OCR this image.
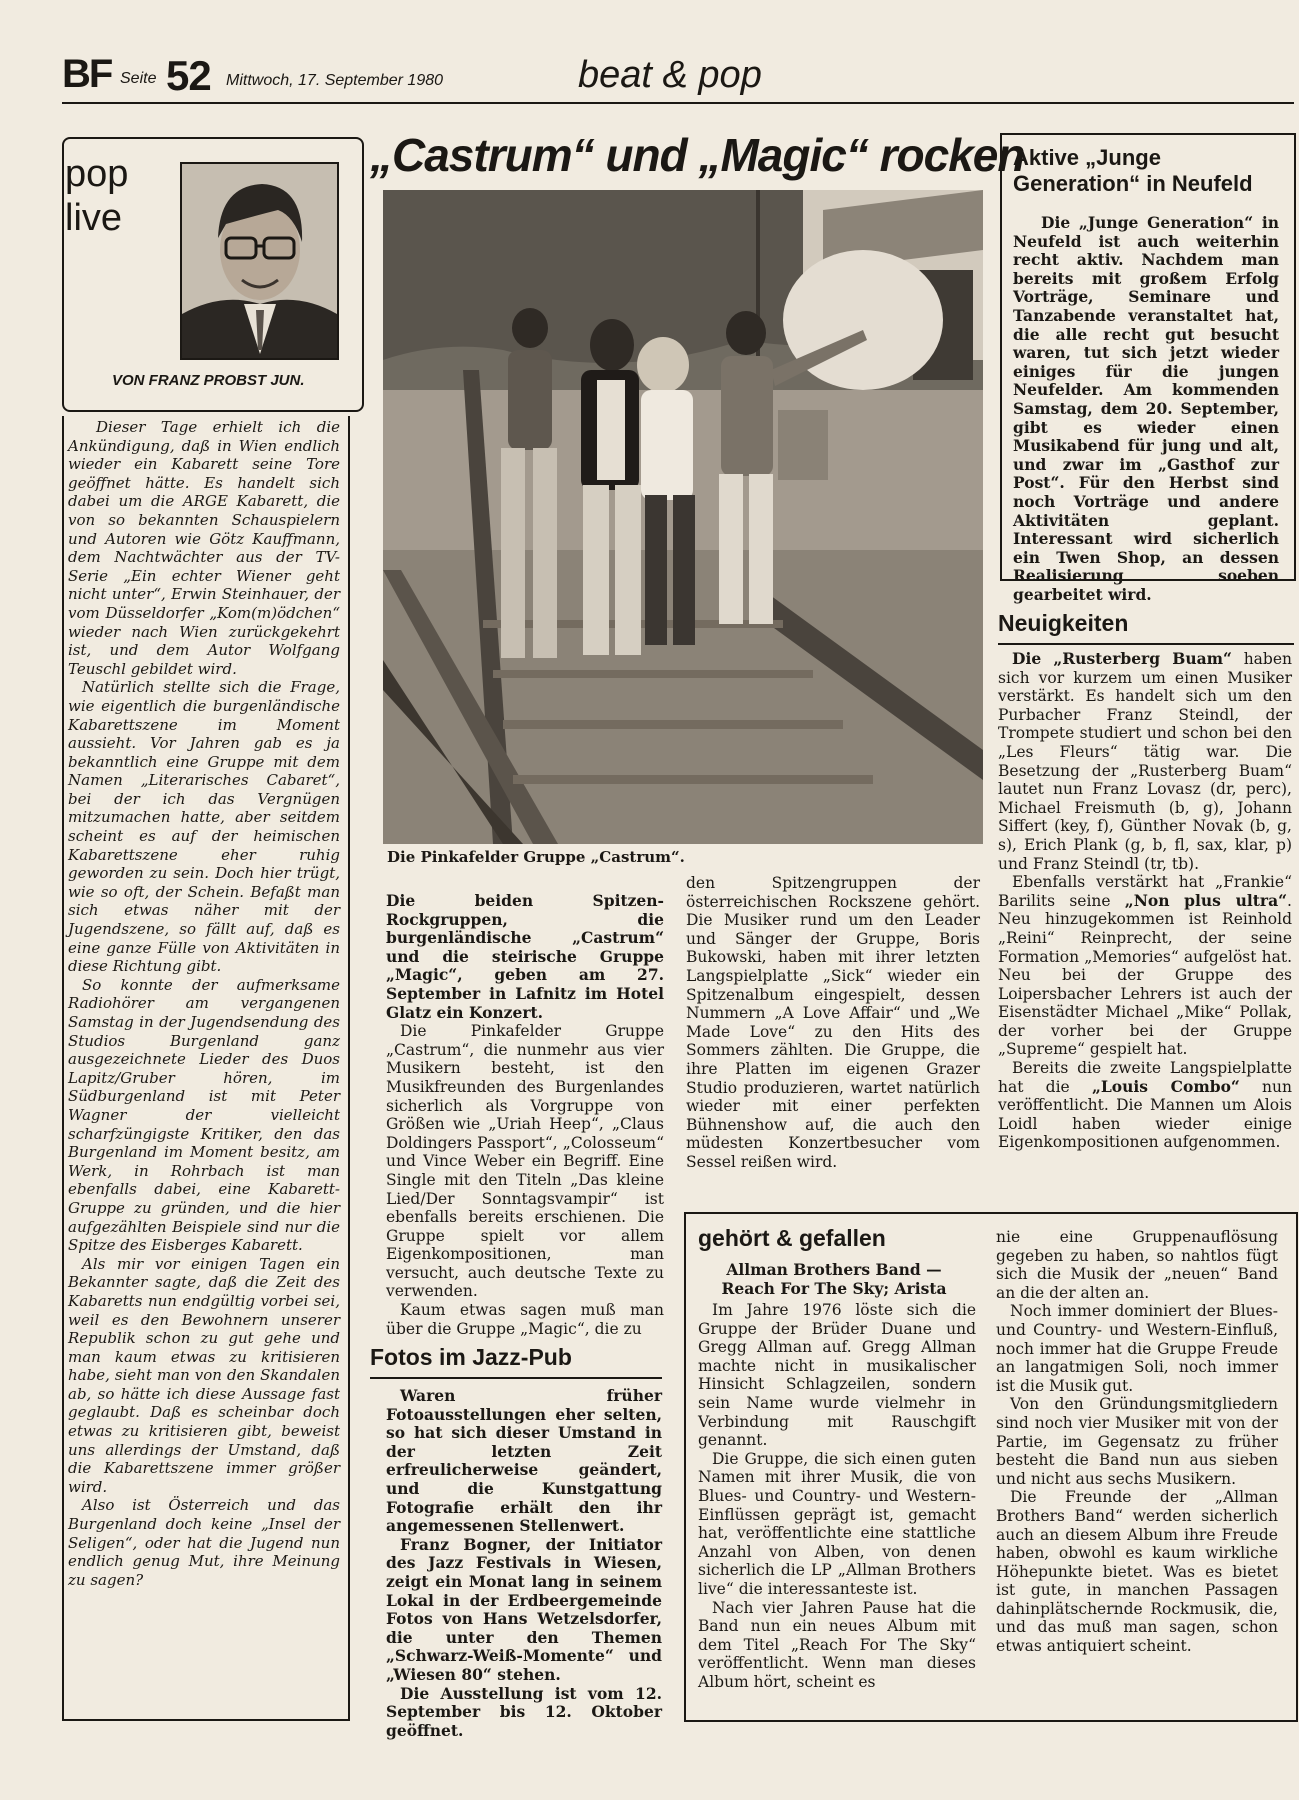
BF Seite 52 Mittwoch, 17. September 1980	beat & pop
pop
live
VON FRANZ PROBST JUN.

Dieser Tage erhielt ich die Ankündigung, daß in Wien endlich wieder ein Kabarett seine Tore geöffnet hätte. Es handelt sich dabei um die ARGE Kabarett, die von so bekannten Schauspielern und Autoren wie Götz Kauffmann, dem Nachtwächter aus der TV-Serie „Ein echter Wiener geht nicht unter“, Erwin Steinhauer, der vom Düsseldorfer „Kom(m)ödchen“ wieder nach Wien zurückgekehrt ist, und dem Autor Wolfgang Teuschl gebildet wird.

Natürlich stellte sich die Frage, wie eigentlich die burgenländische Kabarettszene im Moment aussieht. Vor Jahren gab es ja bekanntlich eine Gruppe mit dem Namen „Literarisches Cabaret“, bei der ich das Vergnügen mitzumachen hatte, aber seitdem scheint es auf der heimischen Kabarettszene eher ruhig geworden zu sein. Doch hier trügt, wie so oft, der Schein. Befaßt man sich etwas näher mit der Jugendszene, so fällt auf, daß es eine ganze Fülle von Aktivitäten in diese Richtung gibt.

So konnte der aufmerksame Radiohörer am vergangenen Samstag in der Jugendsendung des Studios Burgenland ganz ausgezeichnete Lieder des Duos Lapitz/Gruber hören, im Südburgenland ist mit Peter Wagner der vielleicht scharfzüngigste Kritiker, den das Burgenland im Moment besitz, am Werk, in Rohrbach ist man ebenfalls dabei, eine Kabarett-Gruppe zu gründen, und die hier aufgezählten Beispiele sind nur die Spitze des Eisberges Kabarett.

Als mir vor einigen Tagen ein Bekannter sagte, daß die Zeit des Kabaretts nun endgültig vorbei sei, weil es den Bewohnern unserer Republik schon zu gut gehe und man kaum etwas zu kritisieren habe, sieht man von den Skandalen ab, so hätte ich diese Aussage fast geglaubt. Daß es scheinbar doch etwas zu kritisieren gibt, beweist uns allerdings der Umstand, daß die Kabarettszene immer größer wird.

Also ist Österreich und das Burgenland doch keine „Insel der Seligen“, oder hat die Jugend nun endlich genug Mut, ihre Meinung zu sagen?

„Castrum“ und „Magic“ rocken
Die Pinkafelder Gruppe „Castrum“.

Die beiden Spitzen-Rockgruppen, die burgenländische „Castrum“ und die steirische Gruppe „Magic“, geben am 27. September in Lafnitz im Hotel Glatz ein Konzert.

Die Pinkafelder Gruppe „Castrum“, die nunmehr aus vier Musikern besteht, ist den Musikfreunden des Burgenlandes sicherlich als Vorgruppe von Größen wie „Uriah Heep“, „Claus Doldingers Passport“, „Colosseum“ und Vince Weber ein Begriff. Eine Single mit den Titeln „Das kleine Lied/Der Sonntagsvampir“ ist ebenfalls bereits erschienen. Die Gruppe spielt vor allem Eigenkompositionen, man versucht, auch deutsche Texte zu verwenden.

Kaum etwas sagen muß man über die Gruppe „Magic“, die zu

den Spitzengruppen der österreichischen Rockszene gehört. Die Musiker rund um den Leader und Sänger der Gruppe, Boris Bukowski, haben mit ihrer letzten Langspielplatte „Sick“ wieder ein Spitzenalbum eingespielt, dessen Nummern „A Love Affair“ und „We Made Love“ zu den Hits des Sommers zählten. Die Gruppe, die ihre Platten im eigenen Grazer Studio produzieren, wartet natürlich wieder mit einer perfekten Bühnenshow auf, die auch den müdesten Konzertbesucher vom Sessel reißen wird.

Aktive „Junge Generation“ in Neufeld

Die „Junge Generation“ in Neufeld ist auch weiterhin recht aktiv. Nachdem man bereits mit großem Erfolg Vorträge, Seminare und Tanzabende veranstaltet hat, die alle recht gut besucht waren, tut sich jetzt wieder einiges für die jungen Neufelder. Am kommenden Samstag, dem 20. September, gibt es wieder einen Musikabend für jung und alt, und zwar im „Gasthof zur Post“. Für den Herbst sind noch Vorträge und andere Aktivitäten geplant. Interessant wird sicherlich ein Twen Shop, an dessen Realisierung soeben gearbeitet wird.

Neuigkeiten

Die „Rusterberg Buam“ haben sich vor kurzem um einen Musiker verstärkt. Es handelt sich um den Purbacher Franz Steindl, der Trompete studiert und schon bei den „Les Fleurs“ tätig war. Die Besetzung der „Rusterberg Buam“ lautet nun Franz Lovasz (dr, perc), Michael Freismuth (b, g), Johann Siffert (key, f), Günther Novak (b, g, s), Erich Plank (g, b, fl, sax, klar, p) und Franz Steindl (tr, tb).

Ebenfalls verstärkt hat „Frankie“ Barilits seine „Non plus ultra“. Neu hinzugekommen ist Reinhold „Reini“ Reinprecht, der seine Formation „Memories“ aufgelöst hat. Neu bei der Gruppe des Loipersbacher Lehrers ist auch der Eisenstädter Michael „Mike“ Pollak, der vorher bei der Gruppe „Supreme“ gespielt hat.

Bereits die zweite Langspielplatte hat die „Louis Combo“ nun veröffentlicht. Die Mannen um Alois Loidl haben wieder einige Eigenkompositionen aufgenommen.

Fotos im Jazz-Pub

Waren früher Fotoausstellungen eher selten, so hat sich dieser Umstand in der letzten Zeit erfreulicherweise geändert, und die Kunstgattung Fotografie erhält den ihr angemessenen Stellenwert.

Franz Bogner, der Initiator des Jazz Festivals in Wiesen, zeigt ein Monat lang in seinem Lokal in der Erdbeergemeinde Fotos von Hans Wetzelsdorfer, die unter den Themen „Schwarz-Weiß-Momente“ und „Wiesen 80“ stehen.

Die Ausstellung ist vom 12. September bis 12. Oktober geöffnet.

gehört & gefallen
Allman Brothers Band —
Reach For The Sky; Arista

Im Jahre 1976 löste sich die Gruppe der Brüder Duane und Gregg Allman auf. Gregg Allman machte nicht in musikalischer Hinsicht Schlagzeilen, sondern sein Name wurde vielmehr in Verbindung mit Rauschgift genannt.

Die Gruppe, die sich einen guten Namen mit ihrer Musik, die von Blues- und Country- und Western-Einflüssen geprägt ist, gemacht hat, veröffentlichte eine stattliche Anzahl von Alben, von denen sicherlich die LP „Allman Brothers live“ die interessanteste ist.

Nach vier Jahren Pause hat die Band nun ein neues Album mit dem Titel „Reach For The Sky“ veröffentlicht. Wenn man dieses Album hört, scheint es

nie eine Gruppenauflösung gegeben zu haben, so nahtlos fügt sich die Musik der „neuen“ Band an die der alten an.

Noch immer dominiert der Blues- und Country- und Western-Einfluß, noch immer hat die Gruppe Freude an langatmigen Soli, noch immer ist die Musik gut.

Von den Gründungsmitgliedern sind noch vier Musiker mit von der Partie, im Gegensatz zu früher besteht die Band nun aus sieben und nicht aus sechs Musikern.

Die Freunde der „Allman Brothers Band“ werden sicherlich auch an diesem Album ihre Freude haben, obwohl es kaum wirkliche Höhepunkte bietet. Was es bietet ist gute, in manchen Passagen dahinplätschernde Rockmusik, die, und das muß man sagen, schon etwas antiquiert scheint.
